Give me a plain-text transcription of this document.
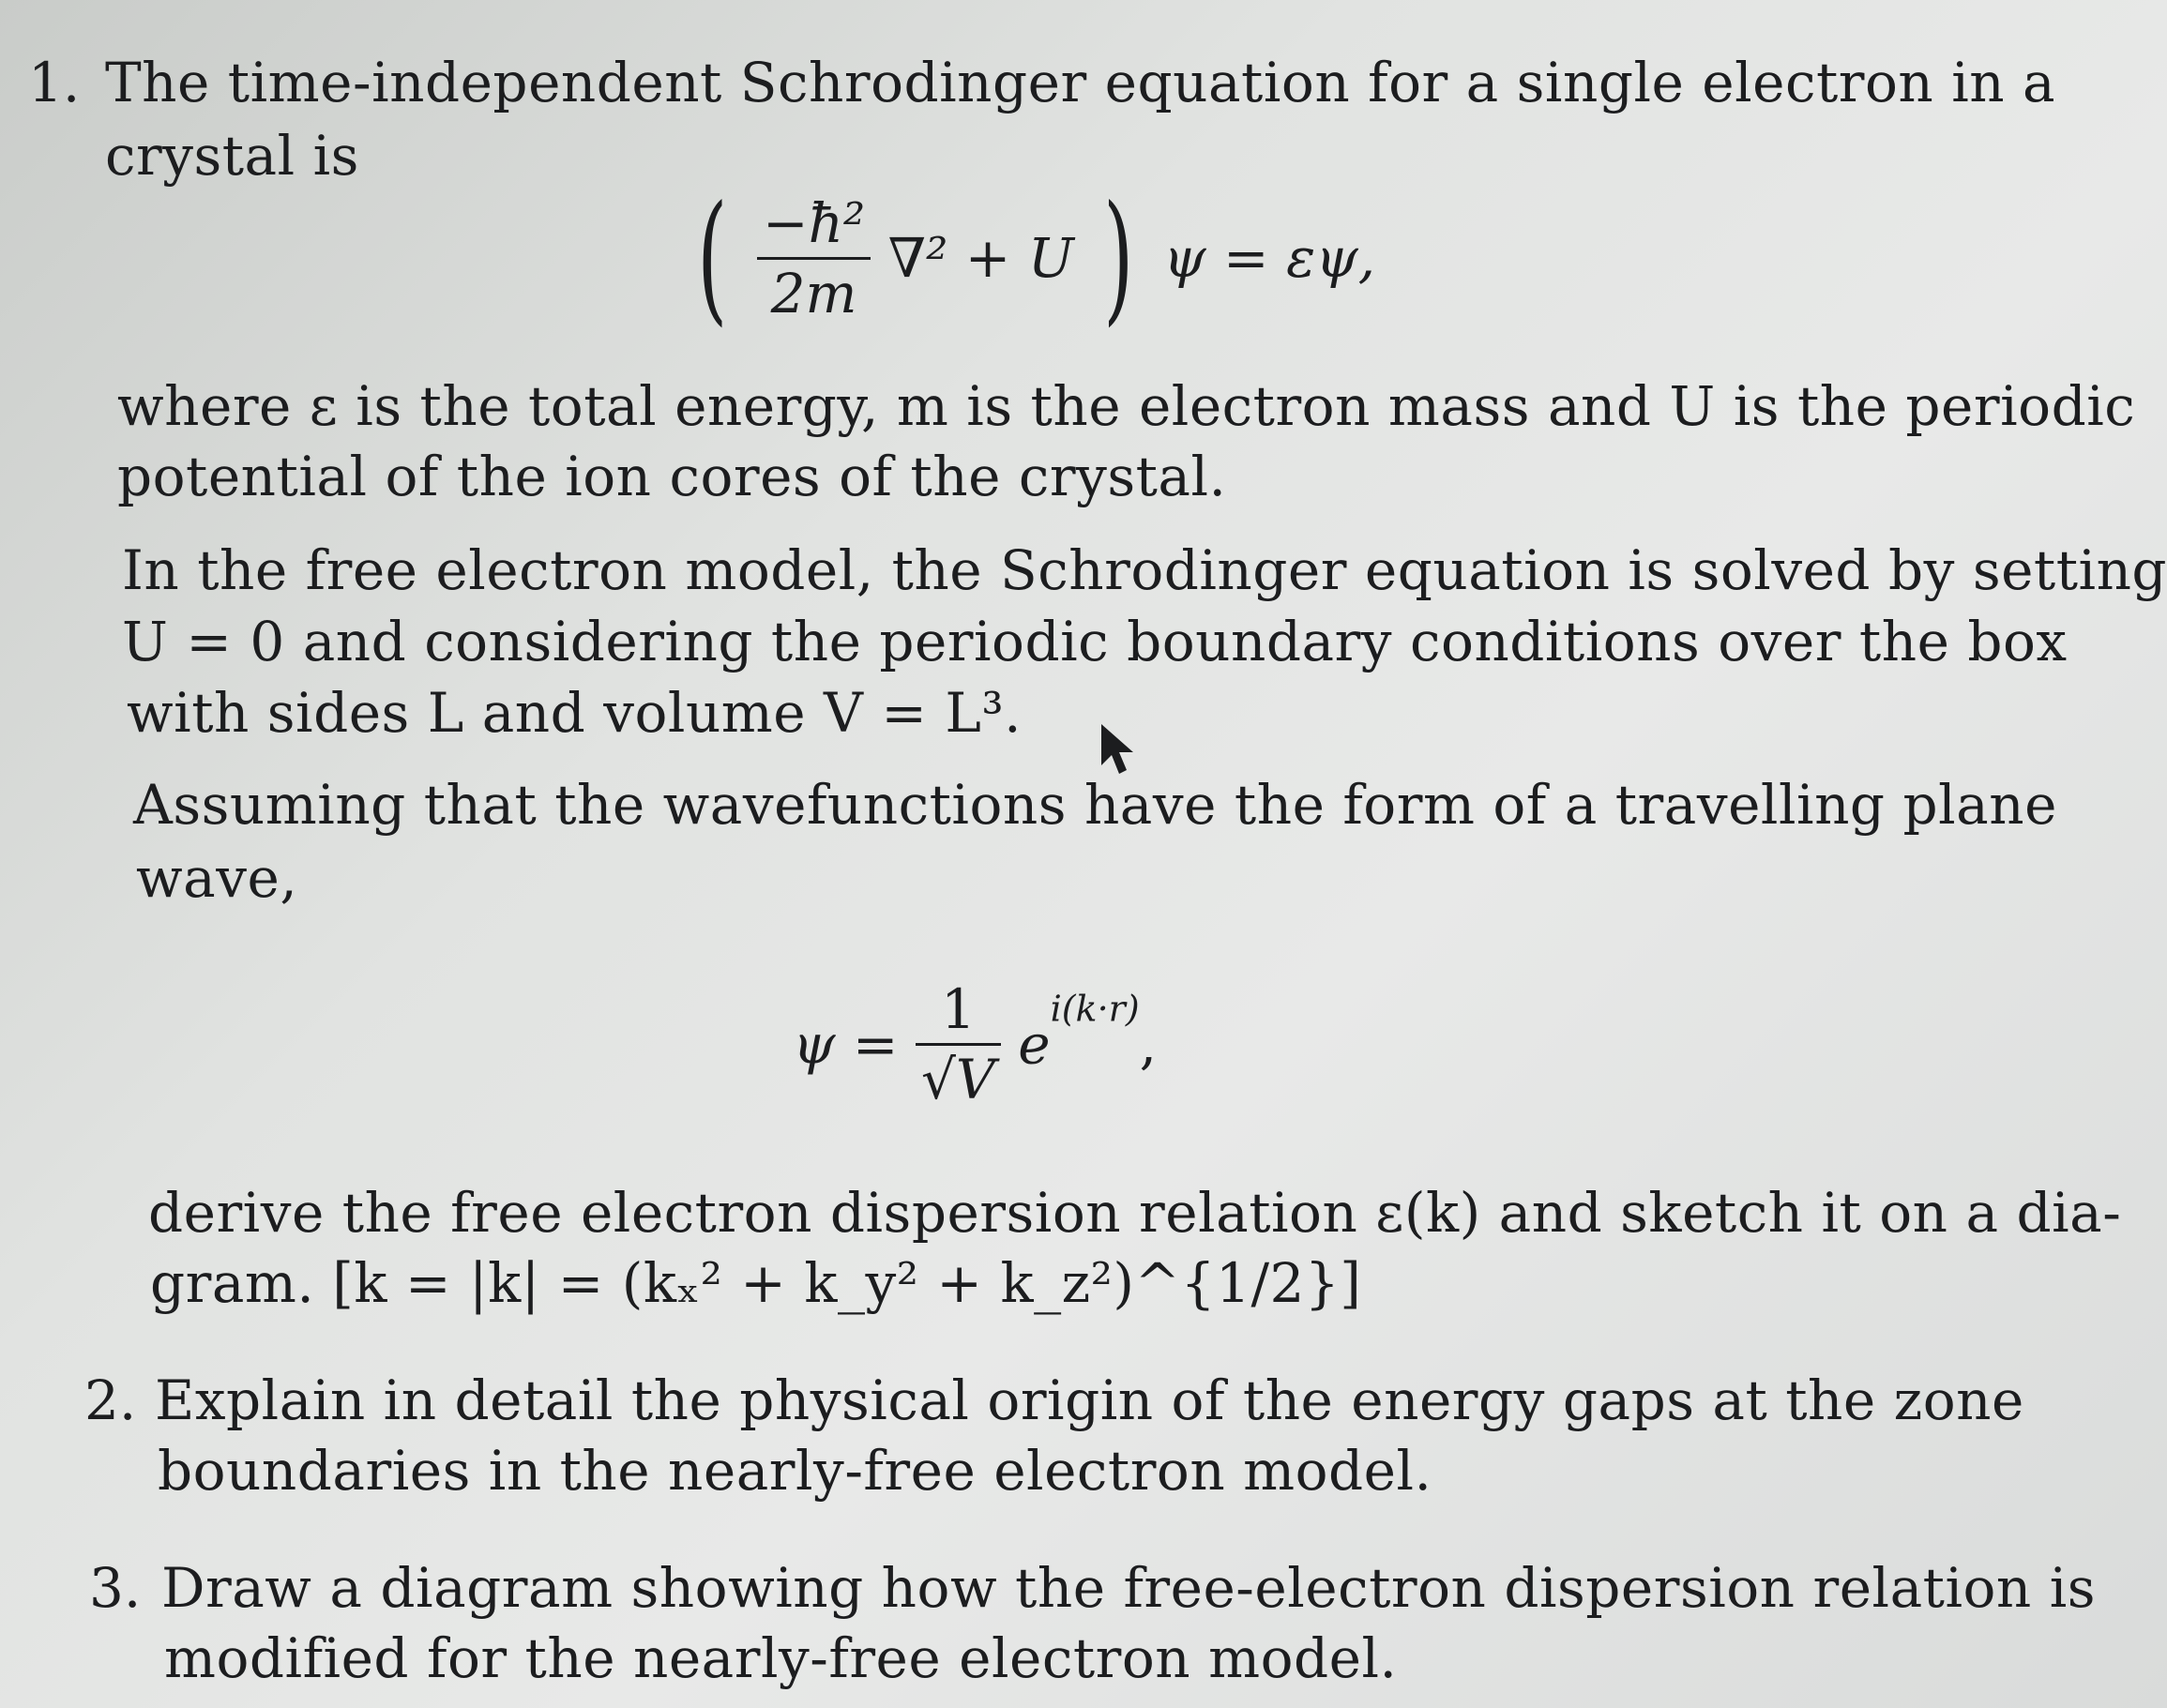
1. The time-independent Schrodinger equation for a single electron in a
crystal is
( $\frac{\text{−ħ²}}{2m} \nabla^2 + U$ ) ψ = εψ,
where ε is the total energy, m is the electron mass and U is the periodic
potential of the ion cores of the crystal.
In the free electron model, the Schrodinger equation is solved by setting
U = 0 and considering the periodic boundary conditions over the box
with sides L and volume V = L³.
Assuming that the wavefunctions have the form of a travelling plane
wave,
$\psi = \frac{1}{√V} e^{i(k\cdot r)}$,
derive the free electron dispersion relation ε(k) and sketch it on a dia-
gram. [k = |k| = (kₓ² + k_y² + k_z²)^{1/2}]
2. Explain in detail the physical origin of the energy gaps at the zone
boundaries in the nearly-free electron model.
3. Draw a diagram showing how the free-electron dispersion relation is
modified for the nearly-free electron model.
